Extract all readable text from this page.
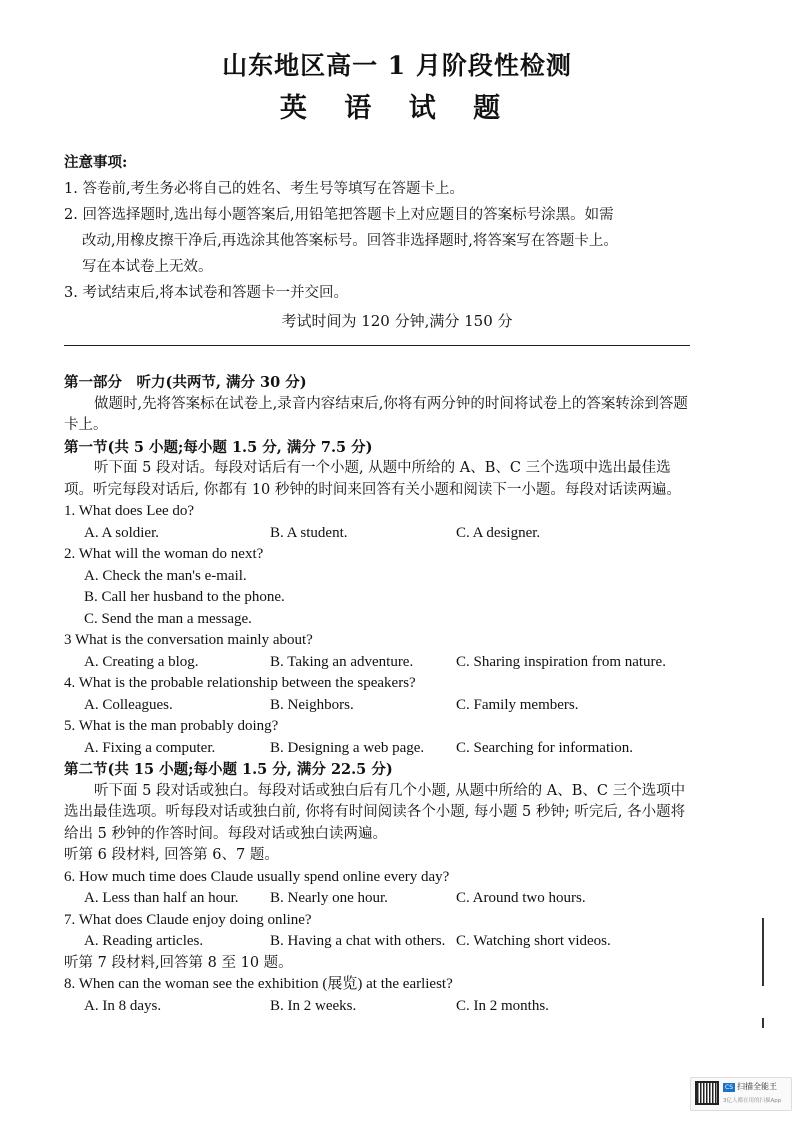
山东地区高一 1 月阶段性检测
英 语 试 题
注意事项:
1. 答卷前,考生务必将自己的姓名、考生号等填写在答题卡上。
2. 回答选择题时,选出每小题答案后,用铅笔把答题卡上对应题目的答案标号涂黑。如需
改动,用橡皮擦干净后,再选涂其他答案标号。回答非选择题时,将答案写在答题卡上。
写在本试卷上无效。
3. 考试结束后,将本试卷和答题卡一并交回。
考试时间为 120 分钟,满分 150 分
第一部分　听力(共两节, 满分 30 分)
做题时,先将答案标在试卷上,录音内容结束后,你将有两分钟的时间将试卷上的答案转涂到答题卡上。
第一节(共 5 小题;每小题 1.5 分, 满分 7.5 分)
听下面 5 段对话。每段对话后有一个小题, 从题中所给的 A、B、C 三个选项中选出最佳选项。听完每段对话后, 你都有 10 秒钟的时间来回答有关小题和阅读下一小题。每段对话读两遍。
1. What does Lee do?
A. A soldier.	B. A student.	C. A designer.
2. What will the woman do next?
A. Check the man's e-mail.
B. Call her husband to the phone.
C. Send the man a message.
3 What is the conversation mainly about?
A. Creating a blog.	B. Taking an adventure.	C. Sharing inspiration from nature.
4. What is the probable relationship between the speakers?
A. Colleagues.	B. Neighbors.	C. Family members.
5. What is the man probably doing?
A. Fixing a computer.	B. Designing a web page. C. Searching for information.
第二节(共 15 小题;每小题 1.5 分, 满分 22.5 分)
听下面 5 段对话或独白。每段对话或独白后有几个小题, 从题中所给的 A、B、C 三个选项中选出最佳选项。听每段对话或独白前, 你将有时间阅读各个小题, 每小题 5 秒钟; 听完后, 各小题将给出 5 秒钟的作答时间。每段对话或独白读两遍。
听第 6 段材料, 回答第 6、7 题。
6. How much time does Claude usually spend online every day?
A. Less than half an hour. B. Nearly one hour.	C. Around two hours.
7. What does Claude enjoy doing online?
A. Reading articles.	B. Having a chat with others. C. Watching short videos.
听第 7 段材料,回答第 8 至 10 题。
8. When can the woman see the exhibition (展览) at the earliest?
A. In 8 days.	B. In 2 weeks.	C. In 2 months.
CS 扫描全能王
3亿人都在用的扫描App
